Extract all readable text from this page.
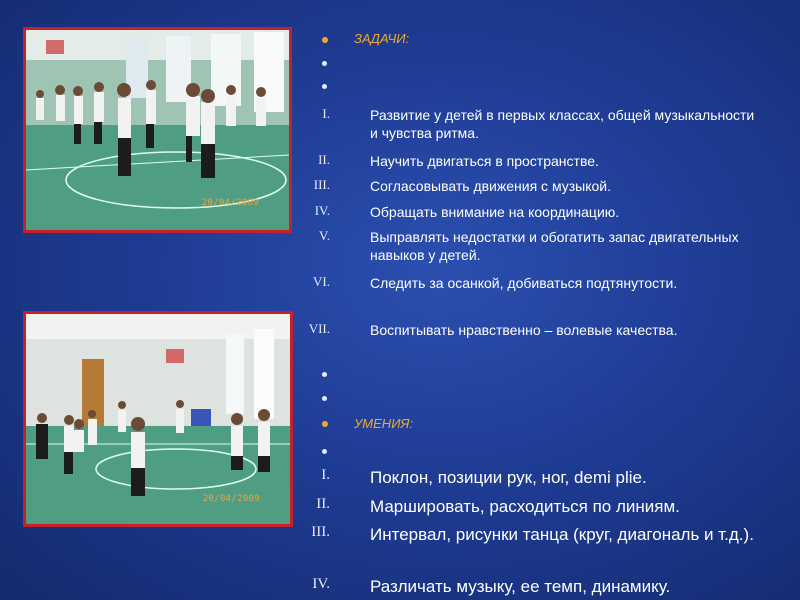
20/04/2009
20/04/2009
ЗАДАЧИ:
I.	Развитие у детей в первых классах, общей музыкальности и чувства ритма.
II.	Научить двигаться в пространстве.
III.	Согласовывать движения с музыкой.
IV.	Обращать внимание на координацию.
V.	Выправлять недостатки и обогатить запас двигательных навыков у детей.
VI.	Следить за осанкой, добиваться подтянутости.
VII.	Воспитывать нравственно – волевые качества.
УМЕНИЯ:
I. Поклон, позиции рук, ног, demi plie.
II. Маршировать, расходиться по линиям.
III. Интервал, рисунки танца (круг, диагональ и т.д.).
IV. Различать музыку, ее темп, динамику.
